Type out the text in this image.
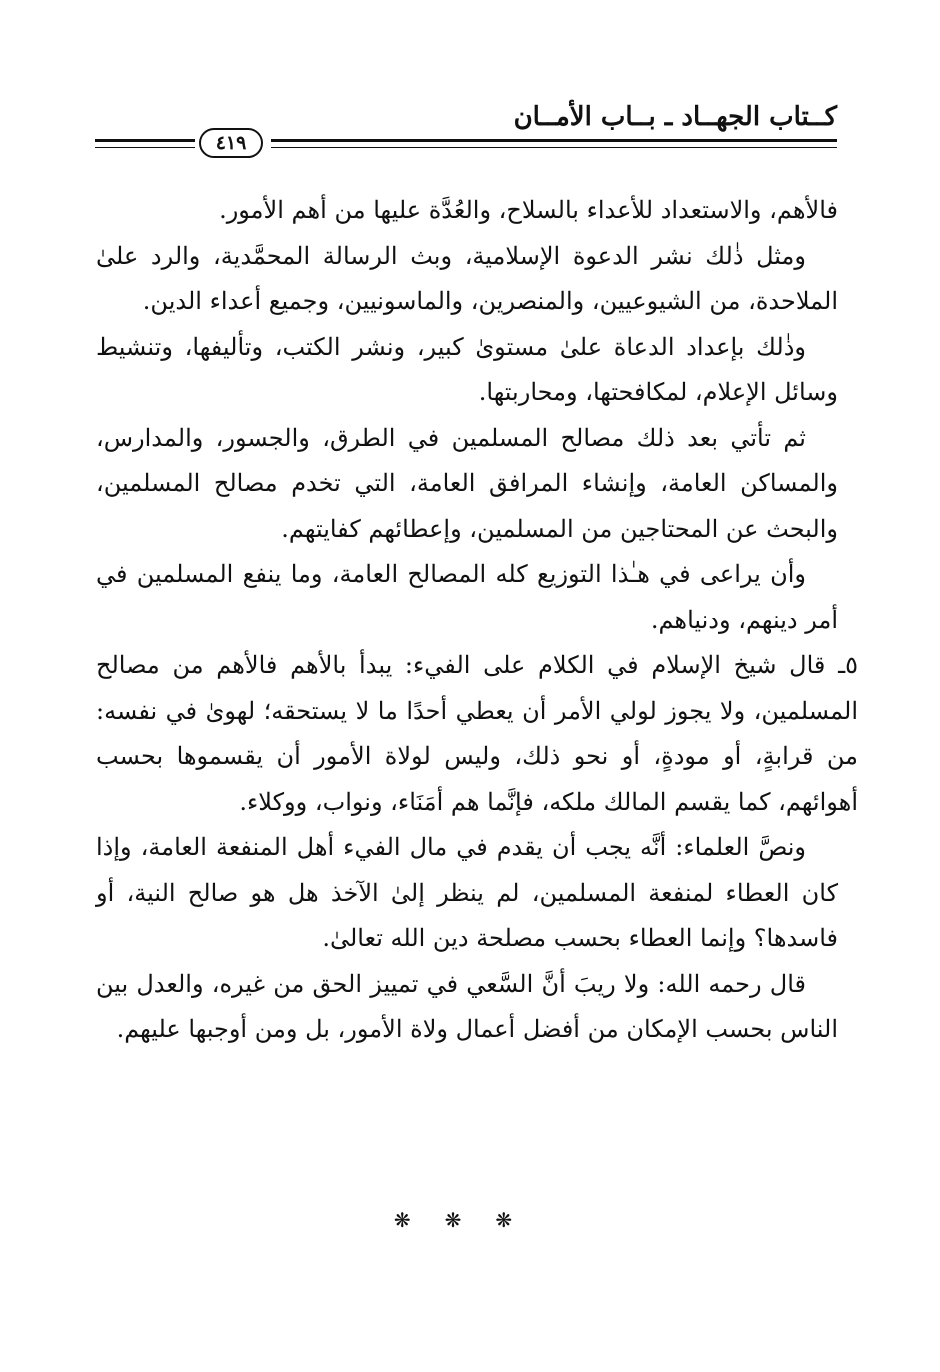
كــتاب الجهــاد ـ بــاب الأمــان
٤١٩

فالأهم، والاستعداد للأعداء بالسلاح، والعُدَّة عليها من أهم الأمور.

ومثل ذٰلك نشر الدعوة الإسلامية، وبث الرسالة المحمَّدية، والرد علىٰ الملاحدة، من الشيوعيين، والمنصرين، والماسونيين، وجميع أعداء الدين.

وذٰلك بإعداد الدعاة علىٰ مستوىٰ كبير، ونشر الكتب، وتأليفها، وتنشيط وسائل الإعلام، لمكافحتها، ومحاربتها.

ثم تأتي بعد ذلك مصالح المسلمين في الطرق، والجسور، والمدارس، والمساكن العامة، وإنشاء المرافق العامة، التي تخدم مصالح المسلمين، والبحث عن المحتاجين من المسلمين، وإعطائهم كفايتهم.

وأن يراعى في هـٰذا التوزيع كله المصالح العامة، وما ينفع المسلمين في أمر دينهم، ودنياهم.

٥ـ قال شيخ الإسلام في الكلام على الفيء: يبدأ بالأهم فالأهم من مصالح المسلمين، ولا يجوز لولي الأمر أن يعطي أحدًا ما لا يستحقه؛ لهوىٰ في نفسه: من قرابةٍ، أو مودةٍ، أو نحو ذلك، وليس لولاة الأمور أن يقسموها بحسب أهوائهم، كما يقسم المالك ملكه، فإنَّما هم أمَنَاء، ونواب، ووكلاء.

ونصَّ العلماء: أنَّه يجب أن يقدم في مال الفيء أهل المنفعة العامة، وإذا كان العطاء لمنفعة المسلمين، لم ينظر إلىٰ الآخذ هل هو صالح النية، أو فاسدها؟ وإنما العطاء بحسب مصلحة دين الله تعالىٰ.

قال رحمه الله: ولا ريبَ أنَّ السَّعي في تمييز الحق من غيره، والعدل بين الناس بحسب الإمكان من أفضل أعمال ولاة الأمور، بل ومن أوجبها عليهم.

❋❋❋
